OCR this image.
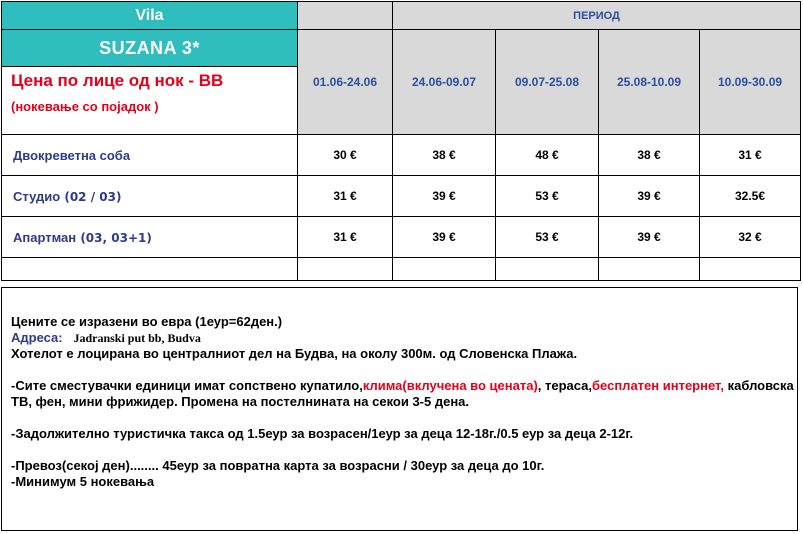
Vila		ПЕРИОД			
SUZANA 3*	01.06-24.06	24.06-09.07	09.07-25.08	25.08-10.09	10.09-30.09

Цена по лице од нок - BB
(нокевање со појадок )					

Двокреветна соба	30 €	38 €	48 €	38 €	31 €
Студио (02 / 03)	31 €	39 €	53 €	39 €	32.5€
Апартман (03, 03+1)	31 €	39 €	53 €	39 €	32 €

Цените се изразени во евра (1еур=62ден.)
Адреса: Jadranski put bb, Budva
Хотелот е лоцирана во централниот дел на Будва, на околу 300м. од Словенска Плажа.
-Сите сместувачки единици имат сопствено купатило,клима(вклучена во цената), тераса,бесплатен интернет, кабловска ТВ, фен, мини фрижидер. Промена на постелнината на секои 3-5 дена.
-Задолжително туристичка такса од 1.5еур за возрасен/1еур за деца 12-18г./0.5 еур за деца 2-12г.
-Превоз(секој ден)........ 45еур за повратна карта за возрасни / 30еур за деца до 10г.
-Минимум 5 нокевања
